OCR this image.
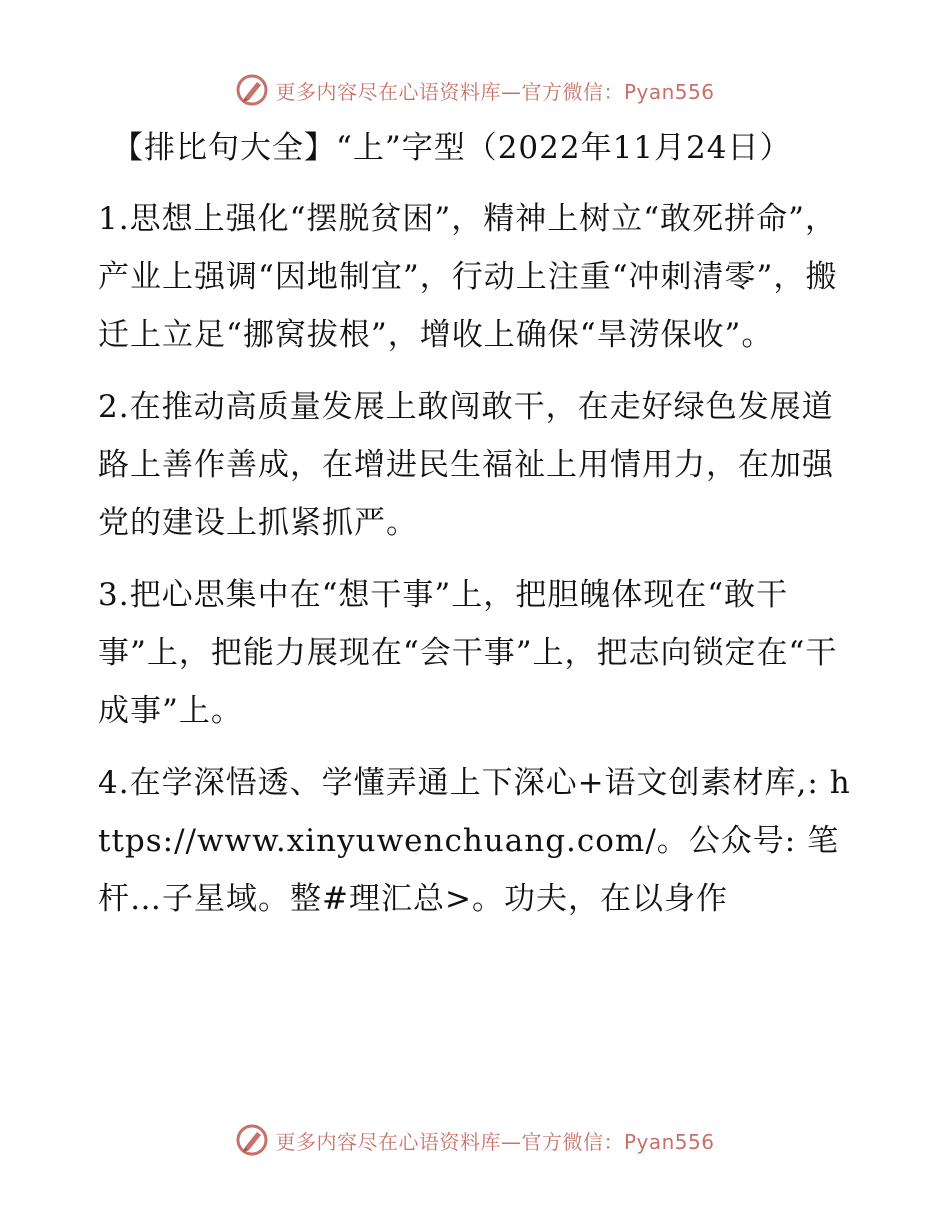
更多内容尽在心语资料库—官方微信：Pyan556
【排比句大全】“上”字型（2022年11月24日）
1.思想上强化“摆脱贫困”，精神上树立“敢死拼命”，产业上强调“因地制宜”，行动上注重“冲刺清零”，搬迁上立足“挪窝拔根”，增收上确保“旱涝保收”。
2.在推动高质量发展上敢闯敢干，在走好绿色发展道路上善作善成，在增进民生福祉上用情用力，在加强党的建设上抓紧抓严。
3.把心思集中在“想干事”上，把胆魄体现在“敢干事”上，把能力展现在“会干事”上，把志向锁定在“干成事”上。
4.在学深悟透、学懂弄通上下深心+语文创素材库,: https://www.xinyuwenchuang.com/。公众号: 笔杆…子星域。整#理汇总>。功夫，在以身作
更多内容尽在心语资料库—官方微信：Pyan556
